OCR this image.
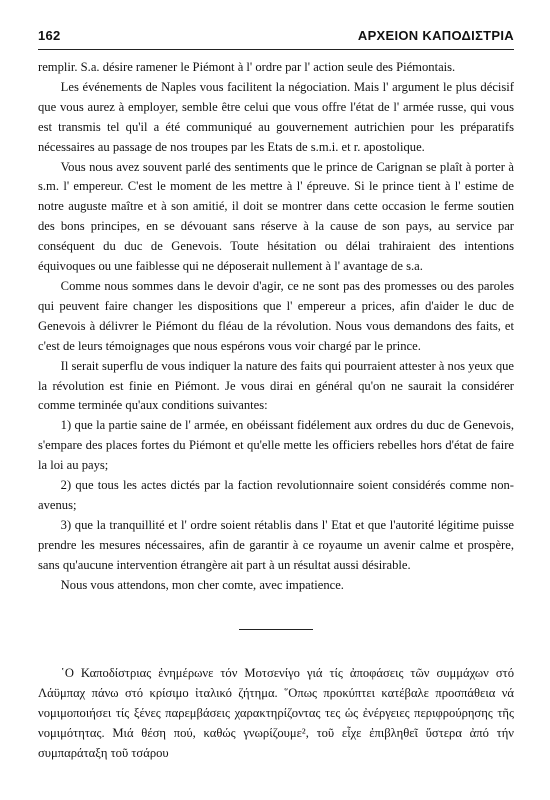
162	ΑΡΧΕΙΟΝ ΚΑΠΟΔΙΣΤΡΙΑ

remplir. S.a. désire ramener le Piémont à l' ordre par l' action seule des Piémontais.

Les événements de Naples vous facilitent la négociation. Mais l' argument le plus décisif que vous aurez à employer, semble être celui que vous offre l'état de l' armée russe, qui vous est transmis tel qu'il a été communiqué au gouvernement autrichien pour les préparatifs nécessaires au passage de nos troupes par les Etats de s.m.i. et r. apostolique.

Vous nous avez souvent parlé des sentiments que le prince de Carignan se plaît à porter à s.m. l' empereur. C'est le moment de les mettre à l' épreuve. Si le prince tient à l' estime de notre auguste maître et à son amitié, il doit se montrer dans cette occasion le ferme soutien des bons principes, en se dévouant sans réserve à la cause de son pays, au service par conséquent du duc de Genevois. Toute hésitation ou délai trahiraient des intentions équivoques ou une faiblesse qui ne déposerait nullement à l' avantage de s.a.

Comme nous sommes dans le devoir d'agir, ce ne sont pas des promesses ou des paroles qui peuvent faire changer les dispositions que l' empereur a prices, afin d'aider le duc de Genevois à délivrer le Piémont du fléau de la révolution. Nous vous demandons des faits, et c'est de leurs témoignages que nous espérons vous voir chargé par le prince.

Il serait superflu de vous indiquer la nature des faits qui pourraient attester à nos yeux que la révolution est finie en Piémont. Je vous dirai en général qu'on ne saurait la considérer comme terminée qu'aux conditions suivantes:

1) que la partie saine de l' armée, en obéissant fidélement aux ordres du duc de Genevois, s'empare des places fortes du Piémont et qu'elle mette les officiers rebelles hors d'état de faire la loi au pays;

2) que tous les actes dictés par la faction revolutionnaire soient considérés comme non-avenus;

3) que la tranquillité et l' ordre soient rétablis dans l' Etat et que l'autorité légitime puisse prendre les mesures nécessaires, afin de garantir à ce royaume un avenir calme et prospère, sans qu'aucune intervention étrangère ait part à un résultat aussi désirable.

Nous vous attendons, mon cher comte, avec impatience.

῾Ο Καποδίστριας ἐνημέρωνε τόν Μοτσενίγο γιά τίς ἀποφάσεις τῶν συμμάχων στό Λάϋμπαχ πάνω στό κρίσιμο ἰταλικό ζήτημα. ῞Οπως προκύπτει κατέβαλε προσπάθεια νά νομιμοποιήσει τίς ξένες παρεμβάσεις χαρακτηρίζοντας τες ὡς ἐνέργειες περιφρούρησης τῆς νομιμότητας. Μιά θέση πού, καθώς γνωρίζουμε², τοῦ εἶχε ἐπιβληθεῖ ὕστερα ἀπό τήν συμπαράταξη τοῦ τσάρου
